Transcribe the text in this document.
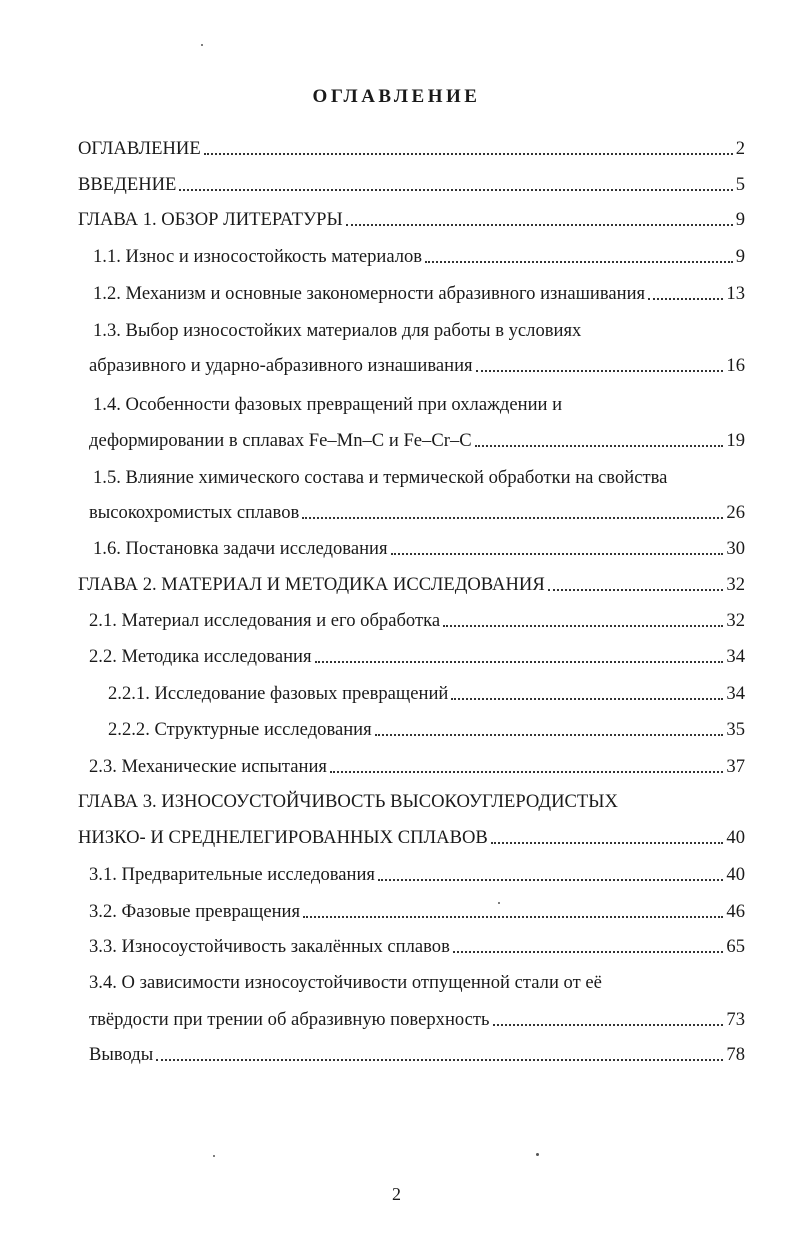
ОГЛАВЛЕНИЕ
ОГЛАВЛЕНИЕ	2
ВВЕДЕНИЕ	5
ГЛАВА 1. ОБЗОР ЛИТЕРАТУРЫ	9
1.1. Износ и износостойкость материалов	9
1.2. Механизм и основные закономерности абразивного изнашивания	13
1.3. Выбор износостойких материалов для работы в условиях
абразивного и ударно-абразивного изнашивания	16
1.4. Особенности фазовых превращений при охлаждении и
деформировании в сплавах Fe–Mn–C и Fe–Cr–C	19
1.5. Влияние химического состава и термической обработки на свойства
высокохромистых сплавов	26
1.6. Постановка задачи исследования	30
ГЛАВА 2. МАТЕРИАЛ И МЕТОДИКА ИССЛЕДОВАНИЯ	32
2.1. Материал исследования и его обработка	32
2.2. Методика исследования	34
2.2.1. Исследование фазовых превращений	34
2.2.2. Структурные исследования	35
2.3. Механические испытания	37
ГЛАВА 3. ИЗНОСОУСТОЙЧИВОСТЬ ВЫСОКОУГЛЕРОДИСТЫХ
НИЗКО- И СРЕДНЕЛЕГИРОВАННЫХ СПЛАВОВ	40
3.1. Предварительные исследования	40
3.2. Фазовые превращения	46
3.3. Износоустойчивость закалённых сплавов	65
3.4. О зависимости износоустойчивости отпущенной стали от её
твёрдости при трении об абразивную поверхность	73
Выводы	78
2
